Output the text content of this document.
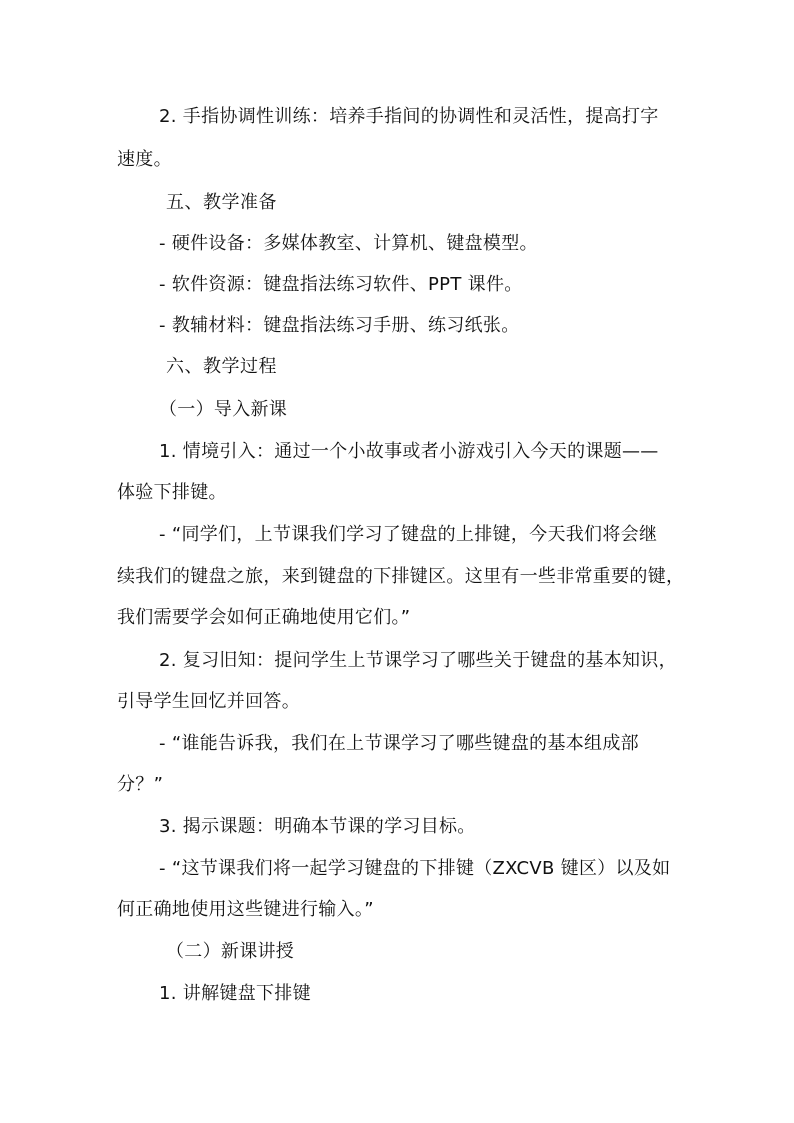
2. 手指协调性训练：培养手指间的协调性和灵活性，提高打字

速度。

五、教学准备

- 硬件设备：多媒体教室、计算机、键盘模型。

- 软件资源：键盘指法练习软件、PPT 课件。

- 教辅材料：键盘指法练习手册、练习纸张。

六、教学过程

（一）导入新课

1. 情境引入：通过一个小故事或者小游戏引入今天的课题——

体验下排键。

- “同学们，上节课我们学习了键盘的上排键，今天我们将会继

续我们的键盘之旅，来到键盘的下排键区。这里有一些非常重要的键，

我们需要学会如何正确地使用它们。”

2. 复习旧知：提问学生上节课学习了哪些关于键盘的基本知识，

引导学生回忆并回答。

- “谁能告诉我，我们在上节课学习了哪些键盘的基本组成部

分？”

3. 揭示课题：明确本节课的学习目标。

- “这节课我们将一起学习键盘的下排键（ZXCVB 键区）以及如

何正确地使用这些键进行输入。”

（二）新课讲授

1. 讲解键盘下排键
